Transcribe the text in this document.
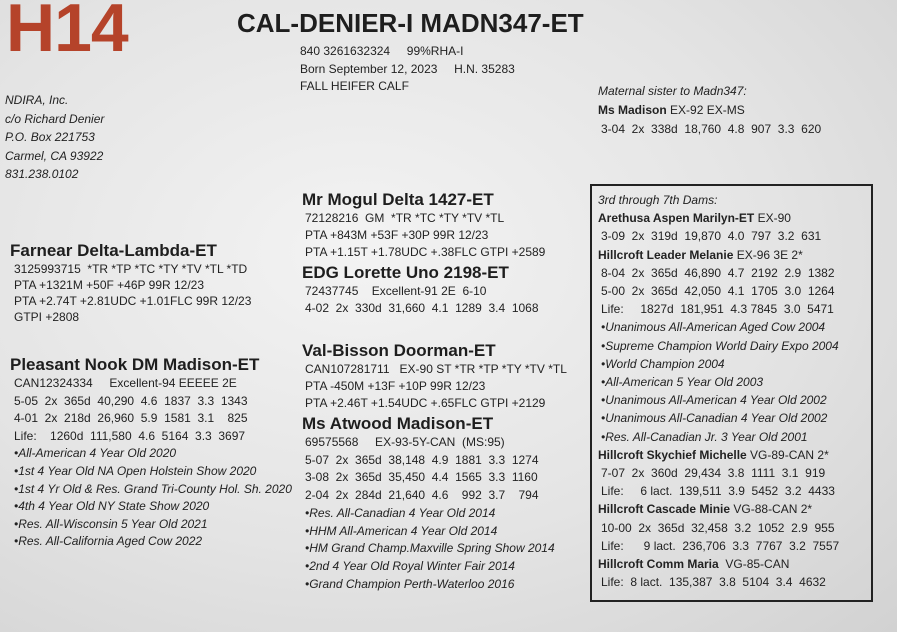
H14	CAL-DENIER-I MADN347-ET
840 3261632324     99%RHA-I
Born September 12, 2023     H.N. 35283
FALL HEIFER CALF
NDIRA, Inc.
c/o Richard Denier
P.O. Box 221753
Carmel, CA 93922
831.238.0102
Maternal sister to Madn347:
Ms Madison EX-92 EX-MS
3-04  2x  338d  18,760  4.8  907  3.3  620
Farnear Delta-Lambda-ET
3125993715  *TR *TP *TC *TY *TV *TL *TD
PTA +1321M +50F +46P 99R 12/23
PTA +2.74T +2.81UDC +1.01FLC 99R 12/23
GTPI +2808
Mr Mogul Delta 1427-ET
72128216  GM  *TR *TC *TY *TV *TL
PTA +843M +53F +30P 99R 12/23
PTA +1.15T +1.78UDC +.38FLC GTPI +2589
EDG Lorette Uno 2198-ET
72437745    Excellent-91 2E  6-10
4-02  2x  330d  31,660  4.1  1289  3.4  1068
Pleasant Nook DM Madison-ET
CAN12324334     Excellent-94 EEEEE 2E
5-05  2x  365d  40,290  4.6  1837  3.3  1343
4-01  2x  218d  26,960  5.9  1581  3.1    825
Life:    1260d  111,580  4.6  5164  3.3  3697
•All-American 4 Year Old 2020
•1st 4 Year Old NA Open Holstein Show 2020
•1st 4 Yr Old & Res. Grand Tri-County Hol. Sh. 2020
•4th 4 Year Old NY State Show 2020
•Res. All-Wisconsin 5 Year Old 2021
•Res. All-California Aged Cow 2022
Val-Bisson Doorman-ET
CAN107281711   EX-90 ST *TR *TP *TY *TV *TL
PTA -450M +13F +10P 99R 12/23
PTA +2.46T +1.54UDC +.65FLC GTPI +2129
Ms Atwood Madison-ET
69575568     EX-93-5Y-CAN  (MS:95)
5-07  2x  365d  38,148  4.9  1881  3.3  1274
3-08  2x  365d  35,450  4.4  1565  3.3  1160
2-04  2x  284d  21,640  4.6    992  3.7    794
•Res. All-Canadian 4 Year Old 2014
•HHM All-American 4 Year Old 2014
•HM Grand Champ.Maxville Spring Show 2014
•2nd 4 Year Old Royal Winter Fair 2014
•Grand Champion Perth-Waterloo 2016
3rd through 7th Dams:
Arethusa Aspen Marilyn-ET EX-90
3-09  2x  319d  19,870  4.0  797  3.2  631
Hillcroft Leader Melanie EX-96 3E 2*
8-04  2x  365d  46,890  4.7  2192  2.9  1382
5-00  2x  365d  42,050  4.1  1705  3.0  1264
Life:     1827d  181,951  4.3 7845  3.0  5471
•Unanimous All-American Aged Cow 2004
•Supreme Champion World Dairy Expo 2004
•World Champion 2004
•All-American 5 Year Old 2003
•Unanimous All-American 4 Year Old 2002
•Unanimous All-Canadian 4 Year Old 2002
•Res. All-Canadian Jr. 3 Year Old 2001
Hillcroft Skychief Michelle VG-89-CAN 2*
7-07  2x  360d  29,434  3.8  1111  3.1  919
Life:     6 lact.  139,511  3.9  5452  3.2  4433
Hillcroft Cascade Minie VG-88-CAN 2*
10-00  2x  365d  32,458  3.2  1052  2.9  955
Life:      9 lact.  236,706  3.3  7767  3.2  7557
Hillcroft Comm Maria  VG-85-CAN
Life:  8 lact.  135,387  3.8  5104  3.4  4632
